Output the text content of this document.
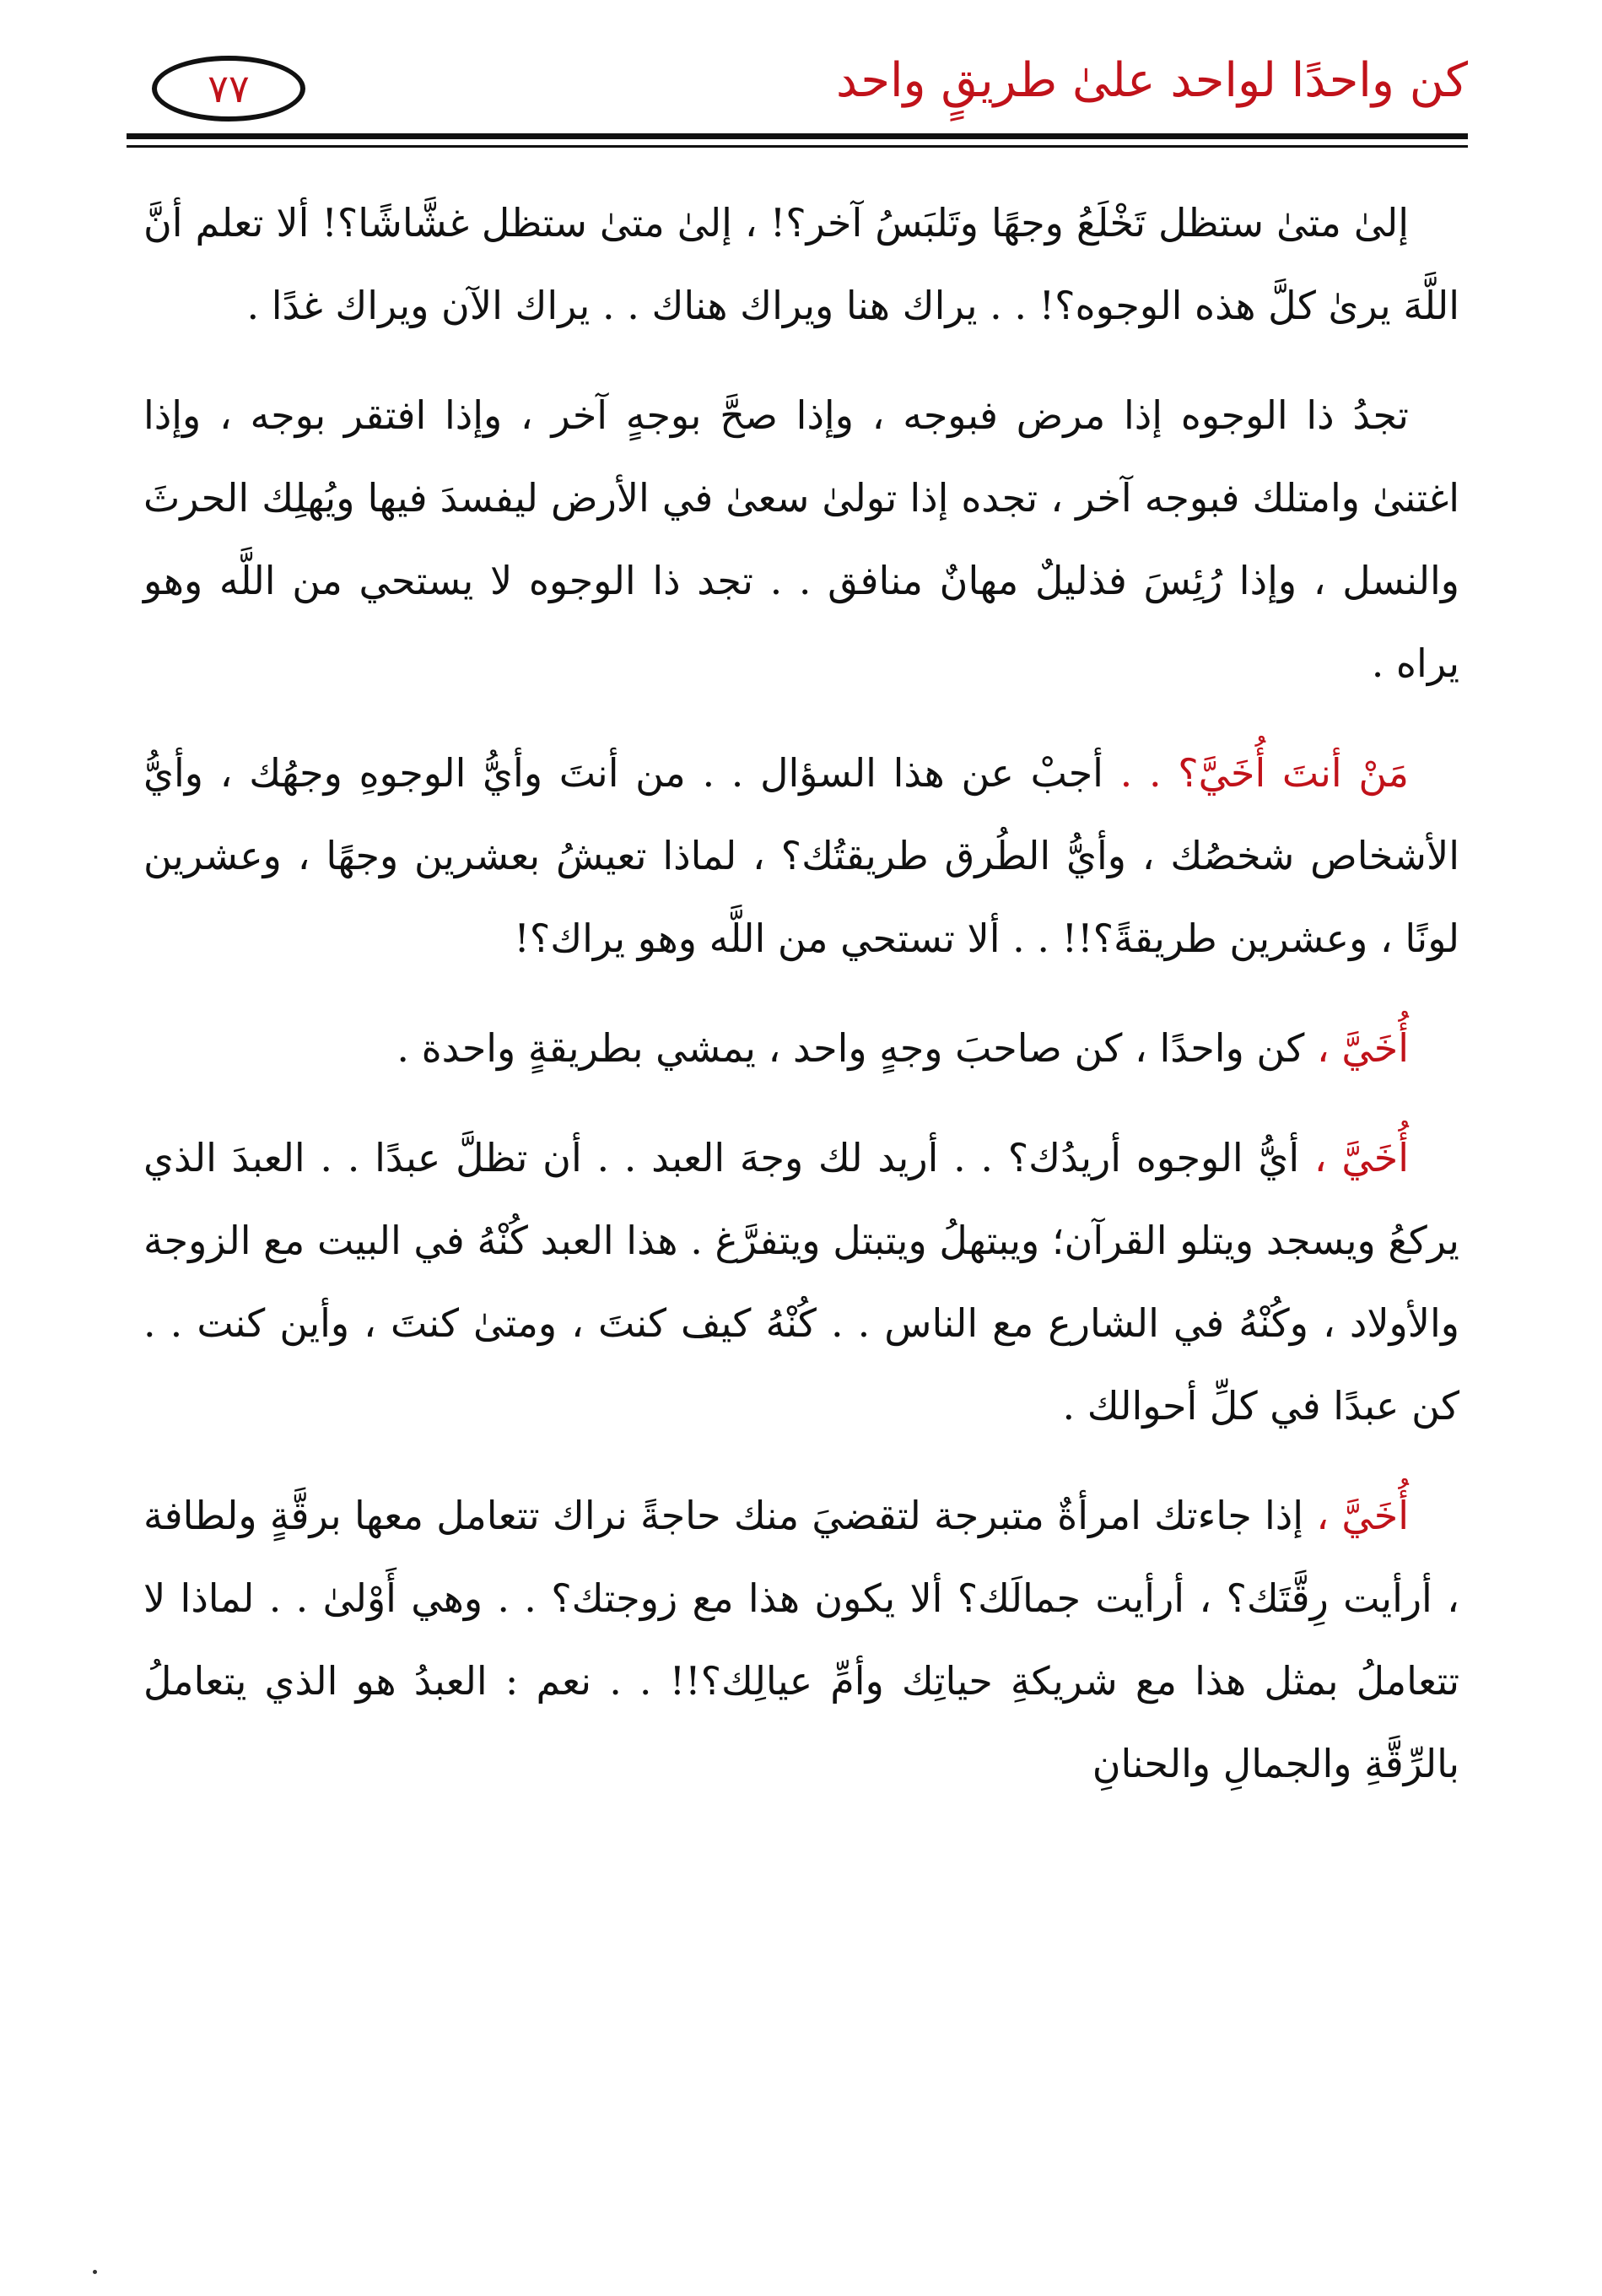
كن واحدًا لواحد علىٰ طريقٍ واحد
٧٧

إلىٰ متىٰ ستظل تَخْلَعُ وجهًا وتَلبَسُ آخر؟! ، إلىٰ متىٰ ستظل غشَّاشًا؟! ألا تعلم أنَّ اللَّهَ يرىٰ كلَّ هذه الوجوه؟! . . يراك هنا ويراك هناك . . يراك الآن ويراك غدًا .

تجدُ ذا الوجوه إذا مرض فبوجه ، وإذا صحَّ بوجهٍ آخر ، وإذا افتقر بوجه ، وإذا اغتنىٰ وامتلك فبوجه آخر ، تجده إذا تولىٰ سعىٰ في الأرض ليفسدَ فيها ويُهلِك الحرثَ والنسل ، وإذا رُئِسَ فذليلٌ مهانٌ منافق . . تجد ذا الوجوه لا يستحي من اللَّه وهو يراه .

مَنْ أنتَ أُخَيَّ؟ . . أجبْ عن هذا السؤال . . من أنتَ وأيُّ الوجوهِ وجهُك ، وأيُّ الأشخاص شخصُك ، وأيُّ الطُرق طريقتُك؟ ، لماذا تعيشُ بعشرين وجهًا ، وعشرين لونًا ، وعشرين طريقةً؟!! . . ألا تستحي من اللَّه وهو يراك؟!

أُخَيَّ ، كن واحدًا ، كن صاحبَ وجهٍ واحد ، يمشي بطريقةٍ واحدة .

أُخَيَّ ، أيُّ الوجوه أريدُك؟ . . أريد لك وجهَ العبد . . أن تظلَّ عبدًا . . العبدَ الذي يركعُ ويسجد ويتلو القرآن؛ ويبتهلُ ويتبتل ويتفرَّغ . هذا العبد كُنْهُ في البيت مع الزوجة والأولاد ، وكُنْهُ في الشارع مع الناس . . كُنْهُ كيف كنتَ ، ومتىٰ كنتَ ، وأين كنت . . كن عبدًا في كلِّ أحوالك .

أُخَيَّ ، إذا جاءتك امرأةٌ متبرجة لتقضيَ منك حاجةً نراك تتعامل معها برقَّةٍ ولطافة ، أرأيت رِقَّتَك؟ ، أرأيت جمالَك؟ ألا يكون هذا مع زوجتك؟ . . وهي أَوْلىٰ . . لماذا لا تتعاملُ بمثل هذا مع شريكةِ حياتِك وأمِّ عيالِك؟!! . . نعم : العبدُ هو الذي يتعاملُ بالرِّقَّةِ والجمالِ والحنانِ
